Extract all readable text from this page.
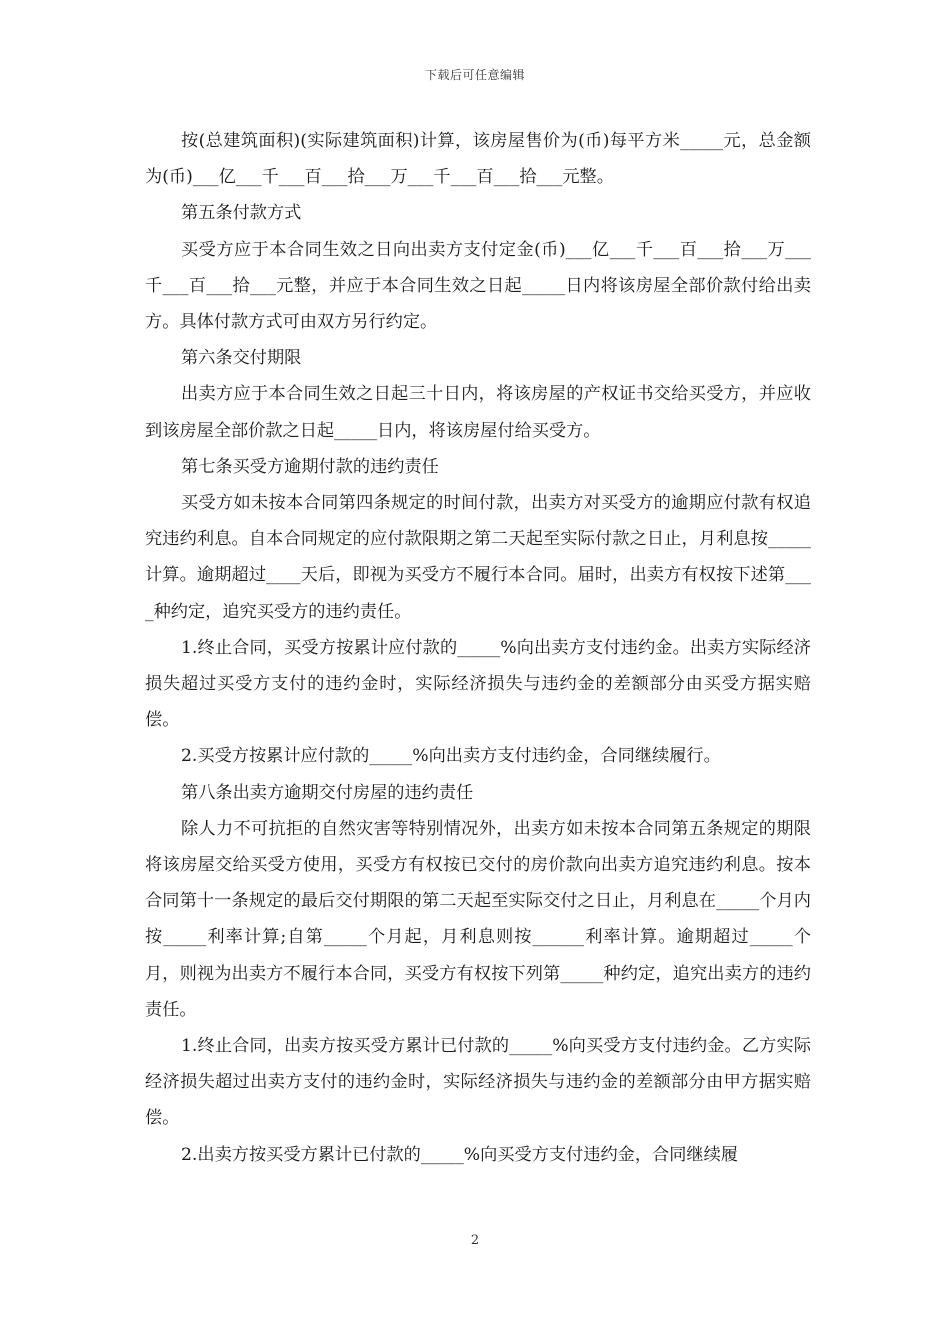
下载后可任意编辑

按(总建筑面积)(实际建筑面积)计算，该房屋售价为(币)每平方米_____元，总金额为(币)___亿___千___百___拾___万___千___百___拾___元整。

第五条付款方式

买受方应于本合同生效之日向出卖方支付定金(币)___亿___千___百___拾___万___千___百___拾___元整，并应于本合同生效之日起_____日内将该房屋全部价款付给出卖方。具体付款方式可由双方另行约定。

第六条交付期限

出卖方应于本合同生效之日起三十日内，将该房屋的产权证书交给买受方，并应收到该房屋全部价款之日起_____日内，将该房屋付给买受方。

第七条买受方逾期付款的违约责任

买受方如未按本合同第四条规定的时间付款，出卖方对买受方的逾期应付款有权追究违约利息。自本合同规定的应付款限期之第二天起至实际付款之日止，月利息按_____计算。逾期超过____天后，即视为买受方不履行本合同。届时，出卖方有权按下述第____种约定，追究买受方的违约责任。

1.终止合同，买受方按累计应付款的_____%向出卖方支付违约金。出卖方实际经济损失超过买受方支付的违约金时，实际经济损失与违约金的差额部分由买受方据实赔偿。

2.买受方按累计应付款的_____%向出卖方支付违约金，合同继续履行。

第八条出卖方逾期交付房屋的违约责任

除人力不可抗拒的自然灾害等特别情况外，出卖方如未按本合同第五条规定的期限将该房屋交给买受方使用，买受方有权按已交付的房价款向出卖方追究违约利息。按本合同第十一条规定的最后交付期限的第二天起至实际交付之日止，月利息在_____个月内按_____利率计算;自第_____个月起，月利息则按______利率计算。逾期超过_____个月，则视为出卖方不履行本合同，买受方有权按下列第_____种约定，追究出卖方的违约责任。

1.终止合同，出卖方按买受方累计已付款的_____%向买受方支付违约金。乙方实际经济损失超过出卖方支付的违约金时，实际经济损失与违约金的差额部分由甲方据实赔偿。

2.出卖方按买受方累计已付款的_____%向买受方支付违约金，合同继续履

2
